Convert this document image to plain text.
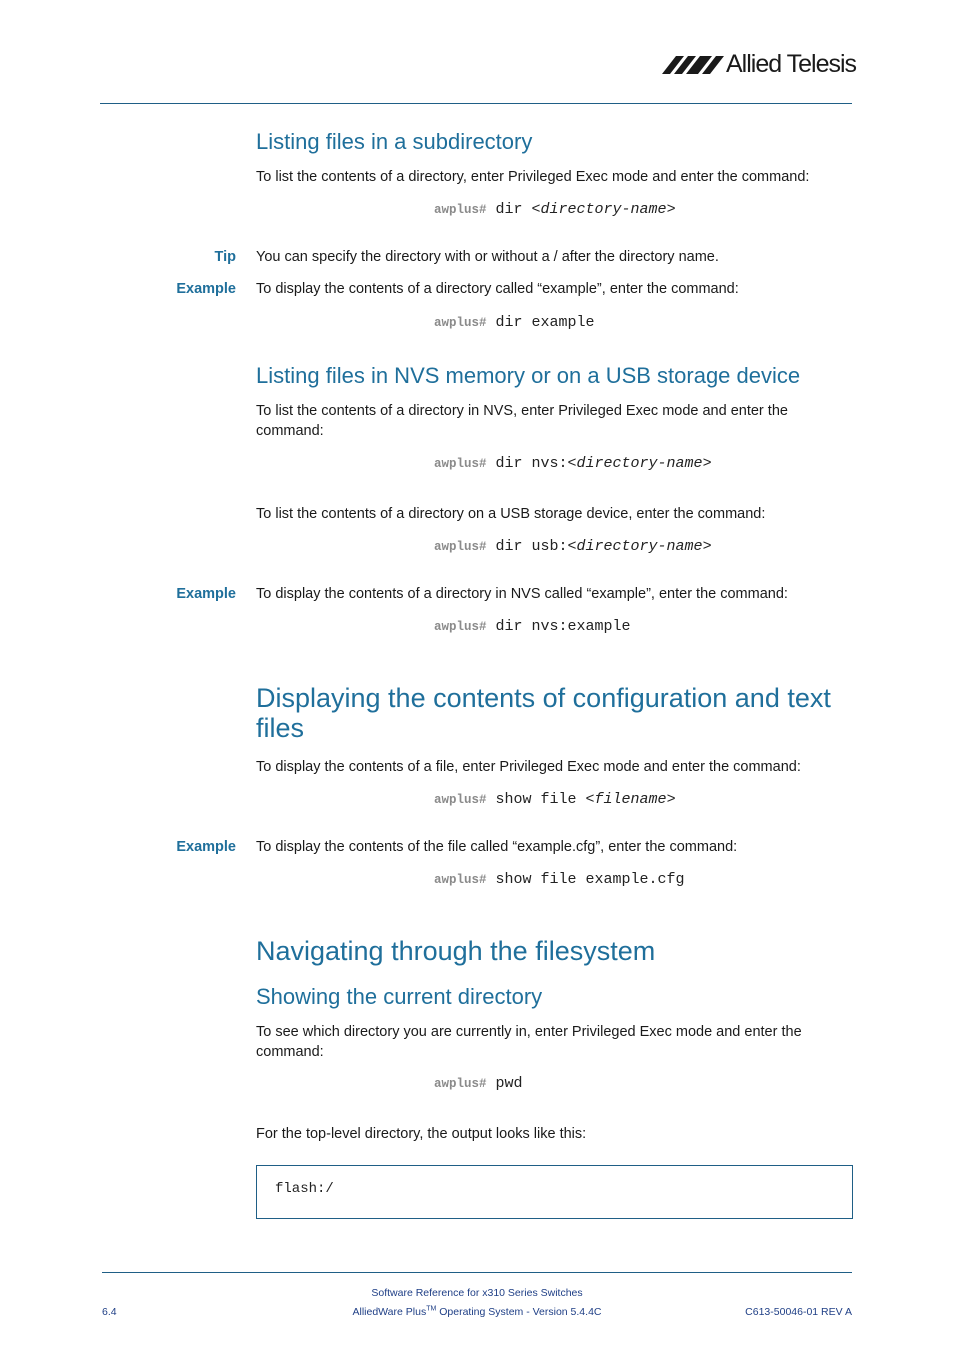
Allied Telesis
Listing files in a subdirectory
To list the contents of a directory, enter Privileged Exec mode and enter the command:
awplus# dir <directory-name>
Tip You can specify the directory with or without a / after the directory name.
Example To display the contents of a directory called “example”, enter the command:
awplus# dir example
Listing files in NVS memory or on a USB storage device
To list the contents of a directory in NVS, enter Privileged Exec mode and enter the command:
awplus# dir nvs:<directory-name>
To list the contents of a directory on a USB storage device, enter the command:
awplus# dir usb:<directory-name>
Example To display the contents of a directory in NVS called “example”, enter the command:
awplus# dir nvs:example
Displaying the contents of configuration and text files
To display the contents of a file, enter Privileged Exec mode and enter the command:
awplus# show file <filename>
Example To display the contents of the file called “example.cfg”, enter the command:
awplus# show file example.cfg
Navigating through the filesystem
Showing the current directory
To see which directory you are currently in, enter Privileged Exec mode and enter the command:
awplus# pwd
For the top-level directory, the output looks like this:
flash:/
Software Reference for x310 Series Switches
AlliedWare Plus™ Operating System - Version 5.4.4C
6.4	C613-50046-01 REV A
